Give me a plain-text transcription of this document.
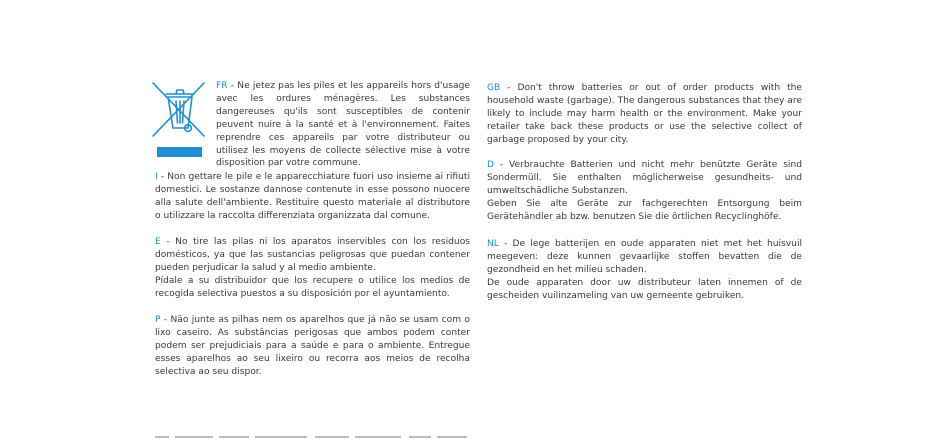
FR - Ne jetez pas les piles et les appareils hors d'usage avec les ordures ménagères. Les substances dangereuses qu'ils sont susceptibles de contenir peuvent nuire à la santé et à l'environnement. Faites reprendre ces appareils par votre distributeur ou utilisez les moyens de collecte sélective mise à votre disposition par votre commune.

I - Non gettare le pile e le apparecchiature fuori uso insieme ai rifiuti domestici. Le sostanze dannose contenute in esse possono nuocere alla salute dell'ambiente. Restituire questo materiale al distributore o utilizzare la raccolta differenziata organizzata dal comune.

E - No tire las pilas ni los aparatos inservibles con los residuos domésticos, ya que las sustancias peligrosas que puedan contener pueden perjudicar la salud y al medio ambiente.
Pídale a su distribuidor que los recupere o utilice los medios de recogida selectiva puestos a su disposición por el ayuntamiento.

P - Não junte as pilhas nem os aparelhos que já não se usam com o lixo caseiro. As substâncias perigosas que ambos podem conter podem ser prejudiciais para a saúde e para o ambiente. Entregue esses aparelhos ao seu lixeiro ou recorra aos meios de recolha selectiva ao seu dispor.

GB - Don't throw batteries or out of order products with the household waste (garbage). The dangerous substances that they are likely to include may harm health or the environment. Make your retailer take back these products or use the selective collect of garbage proposed by your city.

D - Verbrauchte Batterien und nicht mehr benützte Geräte sind Sondermüll. Sie enthalten möglicherweise gesundheits- und umweltschädliche Substanzen.
Geben Sie alte Geräte zur fachgerechten Entsorgung beim Gerätehändler ab bzw. benutzen Sie die örtlichen Recyclinghöfe.

NL - De lege batterijen en oude apparaten niet met het huisvuil meegeven: deze kunnen gevaarlijke stoffen bevatten die de gezondheid en het milieu schaden.
De oude apparaten door uw distributeur laten innemen of de gescheiden vuilinzameling van uw gemeente gebruiken.
